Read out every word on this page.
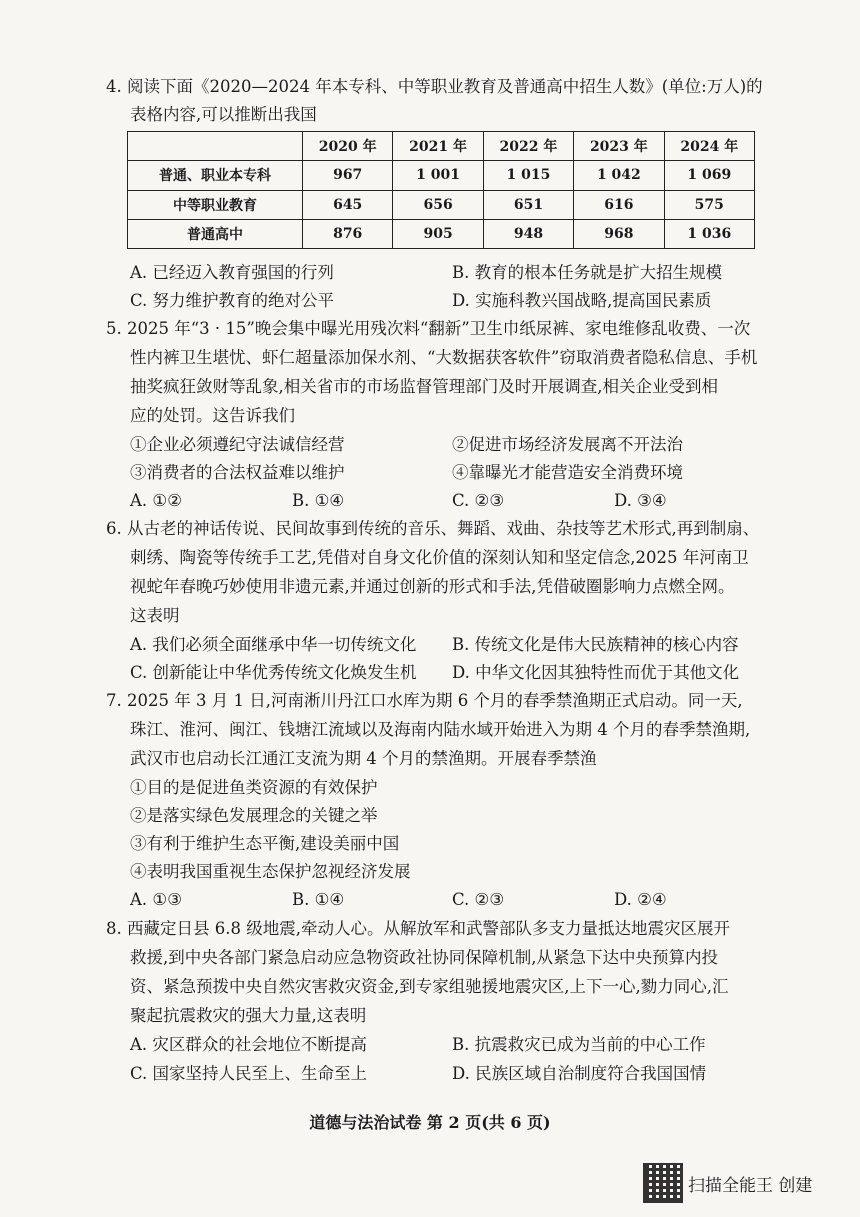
4. 阅读下面《2020—2024 年本专科、中等职业教育及普通高中招生人数》(单位:万人)的
表格内容,可以推断出我国
	2020 年	2021 年	2022 年	2023 年	2024 年
普通、职业本专科	967	1 001	1 015	1 042	1 069
中等职业教育	645	656	651	616	575
普通高中	876	905	948	968	1 036
A. 已经迈入教育强国的行列	B. 教育的根本任务就是扩大招生规模
C. 努力维护教育的绝对公平	D. 实施科教兴国战略,提高国民素质
5. 2025 年“3 · 15”晚会集中曝光用残次料“翻新”卫生巾纸尿裤、家电维修乱收费、一次
性内裤卫生堪忧、虾仁超量添加保水剂、“大数据获客软件”窃取消费者隐私信息、手机
抽奖疯狂敛财等乱象,相关省市的市场监督管理部门及时开展调查,相关企业受到相
应的处罚。这告诉我们
①企业必须遵纪守法诚信经营	②促进市场经济发展离不开法治
③消费者的合法权益难以维护	④靠曝光才能营造安全消费环境
A. ①②	B. ①④	C. ②③	D. ③④
6. 从古老的神话传说、民间故事到传统的音乐、舞蹈、戏曲、杂技等艺术形式,再到制扇、
刺绣、陶瓷等传统手工艺,凭借对自身文化价值的深刻认知和坚定信念,2025 年河南卫
视蛇年春晚巧妙使用非遗元素,并通过创新的形式和手法,凭借破圈影响力点燃全网。
这表明
A. 我们必须全面继承中华一切传统文化 B. 传统文化是伟大民族精神的核心内容
C. 创新能让中华优秀传统文化焕发生机 D. 中华文化因其独特性而优于其他文化
7. 2025 年 3 月 1 日,河南淅川丹江口水库为期 6 个月的春季禁渔期正式启动。同一天,
珠江、淮河、闽江、钱塘江流域以及海南内陆水域开始进入为期 4 个月的春季禁渔期,
武汉市也启动长江通江支流为期 4 个月的禁渔期。开展春季禁渔
①目的是促进鱼类资源的有效保护
②是落实绿色发展理念的关键之举
③有利于维护生态平衡,建设美丽中国
④表明我国重视生态保护忽视经济发展
A. ①③	B. ①④	C. ②③	D. ②④
8. 西藏定日县 6.8 级地震,牵动人心。从解放军和武警部队多支力量抵达地震灾区展开
救援,到中央各部门紧急启动应急物资政社协同保障机制,从紧急下达中央预算内投
资、紧急预拨中央自然灾害救灾资金,到专家组驰援地震灾区,上下一心,勠力同心,汇
聚起抗震救灾的强大力量,这表明
A. 灾区群众的社会地位不断提高	B. 抗震救灾已成为当前的中心工作
C. 国家坚持人民至上、生命至上	D. 民族区域自治制度符合我国国情
道德与法治试卷 第 2 页(共 6 页)
扫描全能王 创建
